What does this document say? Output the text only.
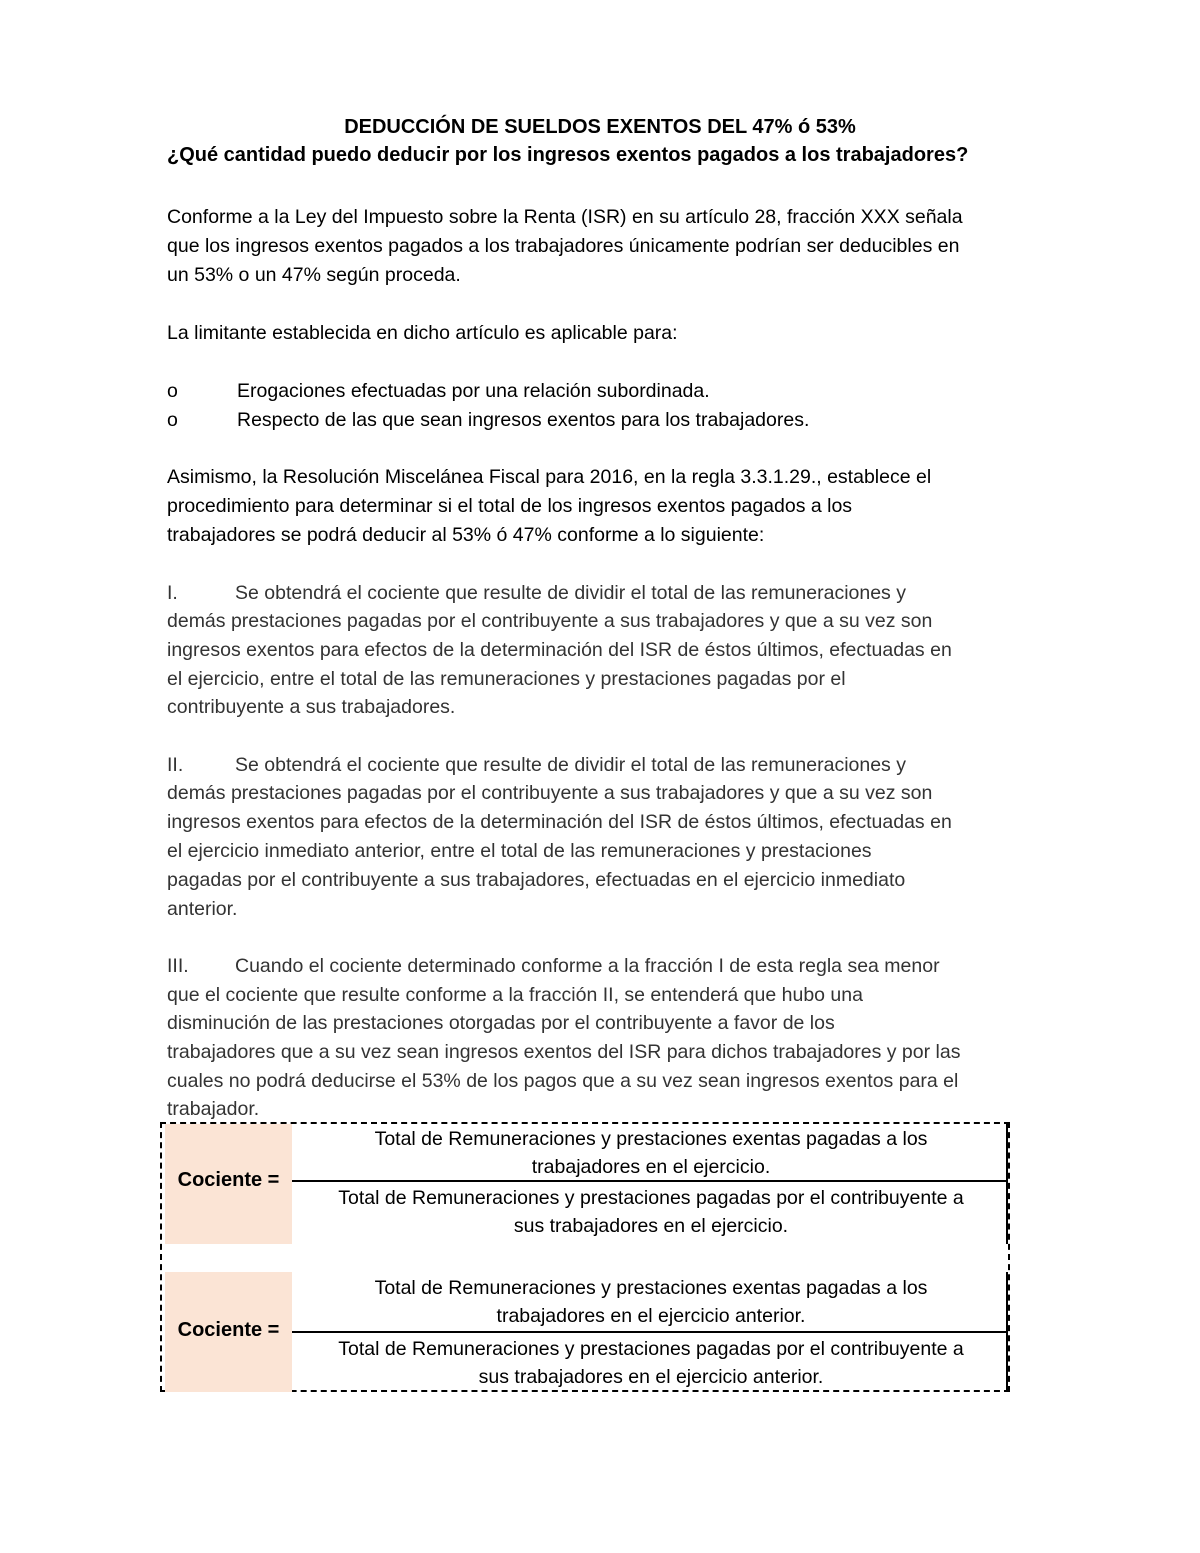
DEDUCCIÓN DE SUELDOS EXENTOS DEL 47% ó 53%
¿Qué cantidad puedo deducir por los ingresos exentos pagados a los trabajadores?
Conforme a la Ley del Impuesto sobre la Renta (ISR) en su artículo 28, fracción XXX señala
que los ingresos exentos pagados a los trabajadores únicamente podrían ser deducibles en
un 53% o un 47% según proceda.
La limitante establecida en dicho artículo es aplicable para:
o	Erogaciones efectuadas por una relación subordinada.
o	Respecto de las que sean ingresos exentos para los trabajadores.
Asimismo, la Resolución Miscelánea Fiscal para 2016, en la regla 3.3.1.29., establece el
procedimiento para determinar si el total de los ingresos exentos pagados a los
trabajadores se podrá deducir al 53% ó 47% conforme a lo siguiente:
I.	Se obtendrá el cociente que resulte de dividir el total de las remuneraciones y
demás prestaciones pagadas por el contribuyente a sus trabajadores y que a su vez son
ingresos exentos para efectos de la determinación del ISR de éstos últimos, efectuadas en
el ejercicio, entre el total de las remuneraciones y prestaciones pagadas por el
contribuyente a sus trabajadores.
II.	Se obtendrá el cociente que resulte de dividir el total de las remuneraciones y
demás prestaciones pagadas por el contribuyente a sus trabajadores y que a su vez son
ingresos exentos para efectos de la determinación del ISR de éstos últimos, efectuadas en
el ejercicio inmediato anterior, entre el total de las remuneraciones y prestaciones
pagadas por el contribuyente a sus trabajadores, efectuadas en el ejercicio inmediato
anterior.
III. Cuando el cociente determinado conforme a la fracción I de esta regla sea menor
que el cociente que resulte conforme a la fracción II, se entenderá que hubo una
disminución de las prestaciones otorgadas por el contribuyente a favor de los
trabajadores que a su vez sean ingresos exentos del ISR para dichos trabajadores y por las
cuales no podrá deducirse el 53% de los pagos que a su vez sean ingresos exentos para el
trabajador.
Cociente =
Total de Remuneraciones y prestaciones exentas pagadas a los
trabajadores en el ejercicio.
Total de Remuneraciones y prestaciones pagadas por el contribuyente a
sus trabajadores en el ejercicio.
Cociente =
Total de Remuneraciones y prestaciones exentas pagadas a los
trabajadores en el ejercicio anterior.
Total de Remuneraciones y prestaciones pagadas por el contribuyente a
sus trabajadores en el ejercicio anterior.
